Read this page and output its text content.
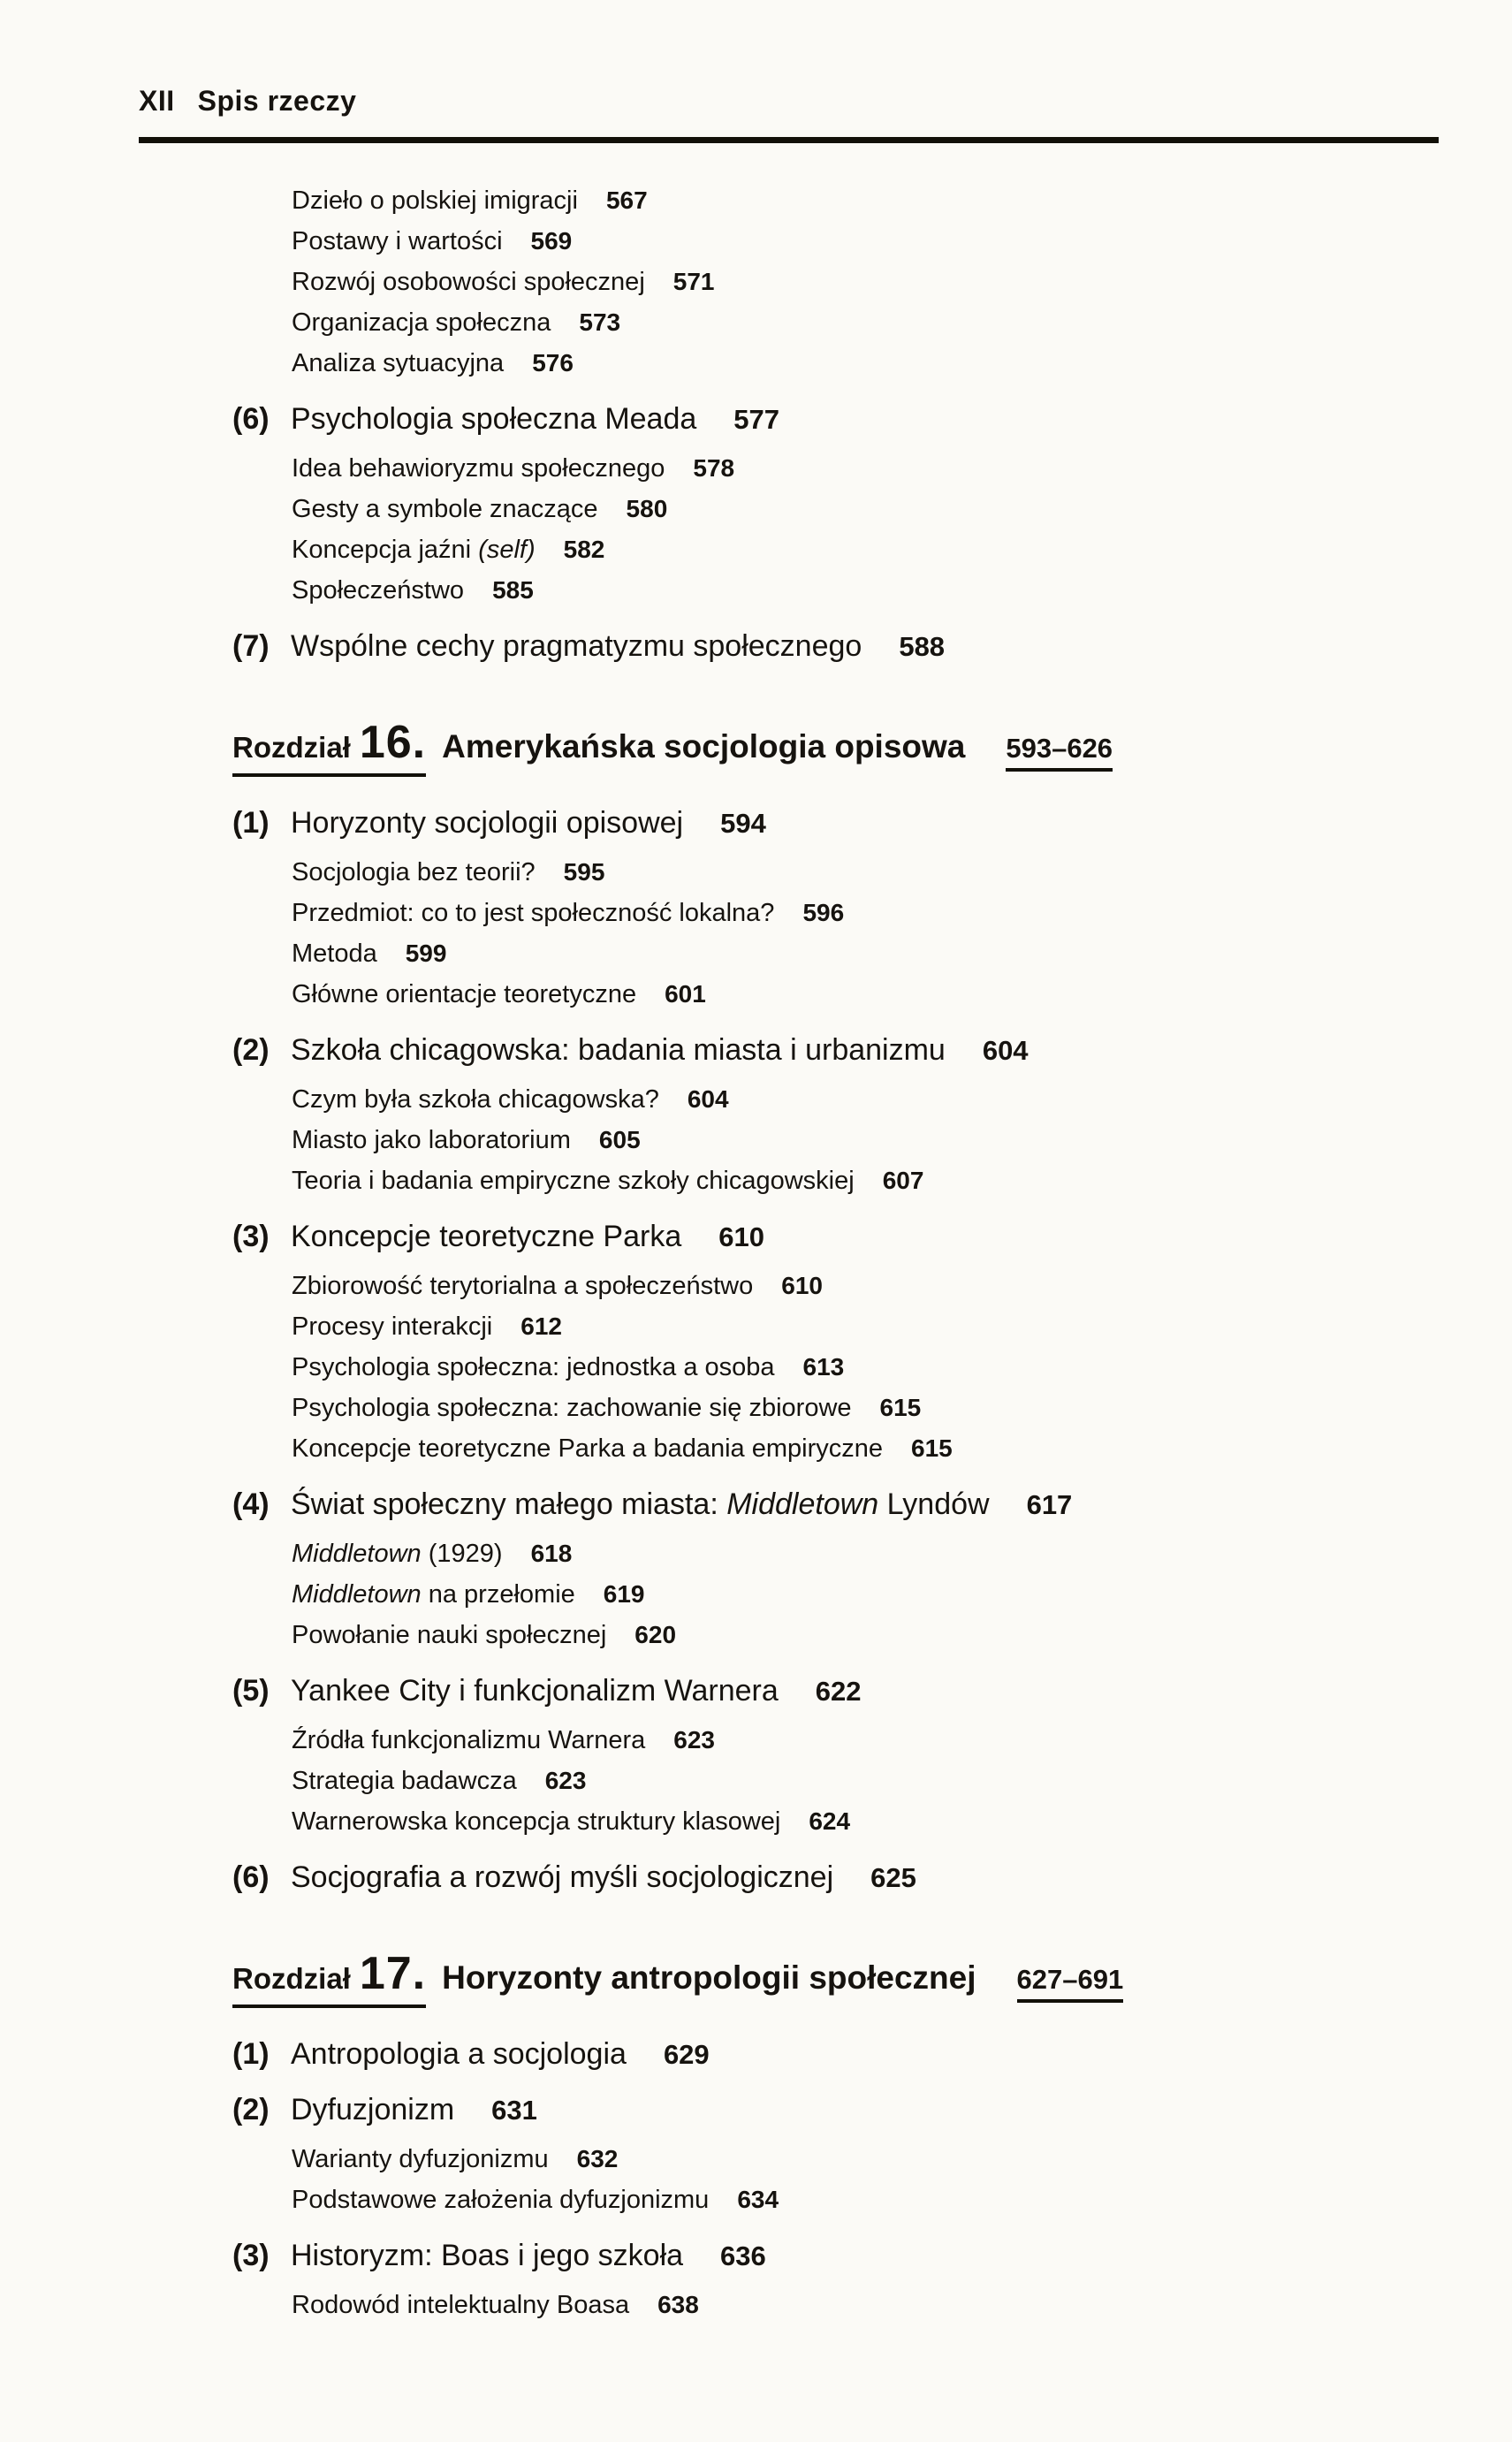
XII Spis rzeczy
Dzieło o polskiej imigracji 567
Postawy i wartości 569
Rozwój osobowości społecznej 571
Organizacja społeczna 573
Analiza sytuacyjna 576
(6) Psychologia społeczna Meada 577
Idea behawioryzmu społecznego 578
Gesty a symbole znaczące 580
Koncepcja jaźni (self) 582
Społeczeństwo 585
(7) Wspólne cechy pragmatyzmu społecznego 588
Rozdział 16. Amerykańska socjologia opisowa 593–626
(1) Horyzonty socjologii opisowej 594
Socjologia bez teorii? 595
Przedmiot: co to jest społeczność lokalna? 596
Metoda 599
Główne orientacje teoretyczne 601
(2) Szkoła chicagowska: badania miasta i urbanizmu 604
Czym była szkoła chicagowska? 604
Miasto jako laboratorium 605
Teoria i badania empiryczne szkoły chicagowskiej 607
(3) Koncepcje teoretyczne Parka 610
Zbiorowość terytorialna a społeczeństwo 610
Procesy interakcji 612
Psychologia społeczna: jednostka a osoba 613
Psychologia społeczna: zachowanie się zbiorowe 615
Koncepcje teoretyczne Parka a badania empiryczne 615
(4) Świat społeczny małego miasta: Middletown Lyndów 617
Middletown (1929) 618
Middletown na przełomie 619
Powołanie nauki społecznej 620
(5) Yankee City i funkcjonalizm Warnera 622
Źródła funkcjonalizmu Warnera 623
Strategia badawcza 623
Warnerowska koncepcja struktury klasowej 624
(6) Socjografia a rozwój myśli socjologicznej 625
Rozdział 17. Horyzonty antropologii społecznej 627–691
(1) Antropologia a socjologia 629
(2) Dyfuzjonizm 631
Warianty dyfuzjonizmu 632
Podstawowe założenia dyfuzjonizmu 634
(3) Historyzm: Boas i jego szkoła 636
Rodowód intelektualny Boasa 638
